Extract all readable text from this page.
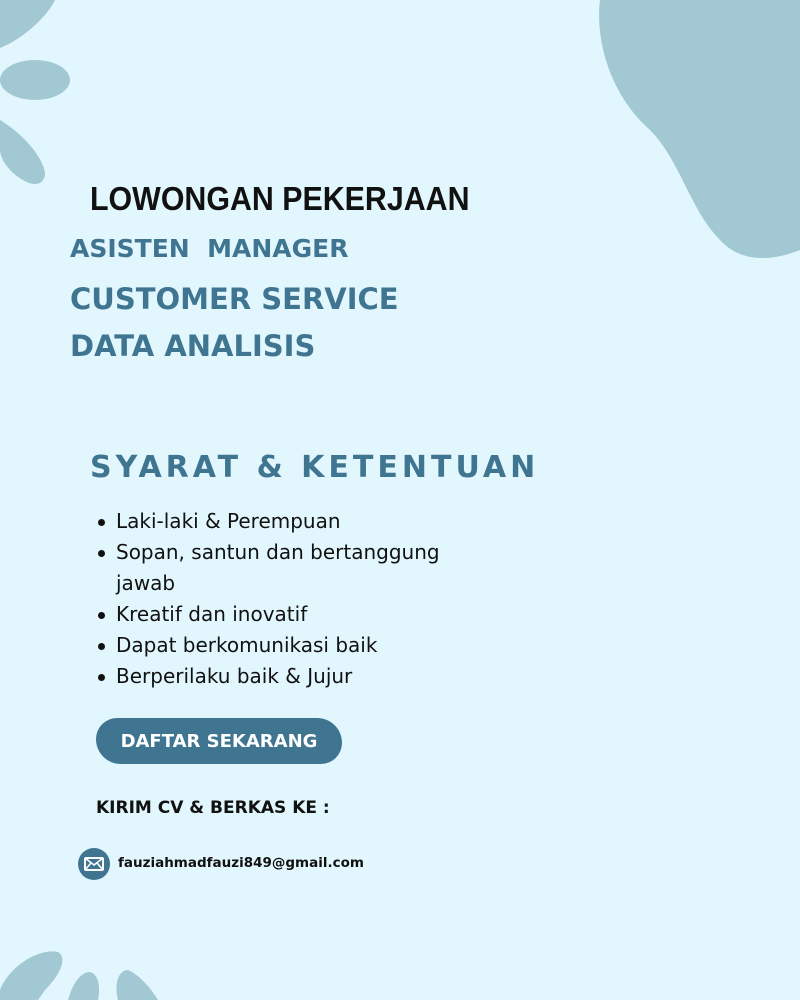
LOWONGAN PEKERJAAN

ASISTEN  MANAGER

CUSTOMER SERVICE

DATA ANALISIS

SYARAT & KETENTUAN
Laki-laki & Perempuan
Sopan, santun dan bertanggung jawab
Kreatif dan inovatif
Dapat berkomunikasi baik
Berperilaku baik & Jujur
DAFTAR SEKARANG

KIRIM CV & BERKAS KE :

fauziahmadfauzi849@gmail.com
